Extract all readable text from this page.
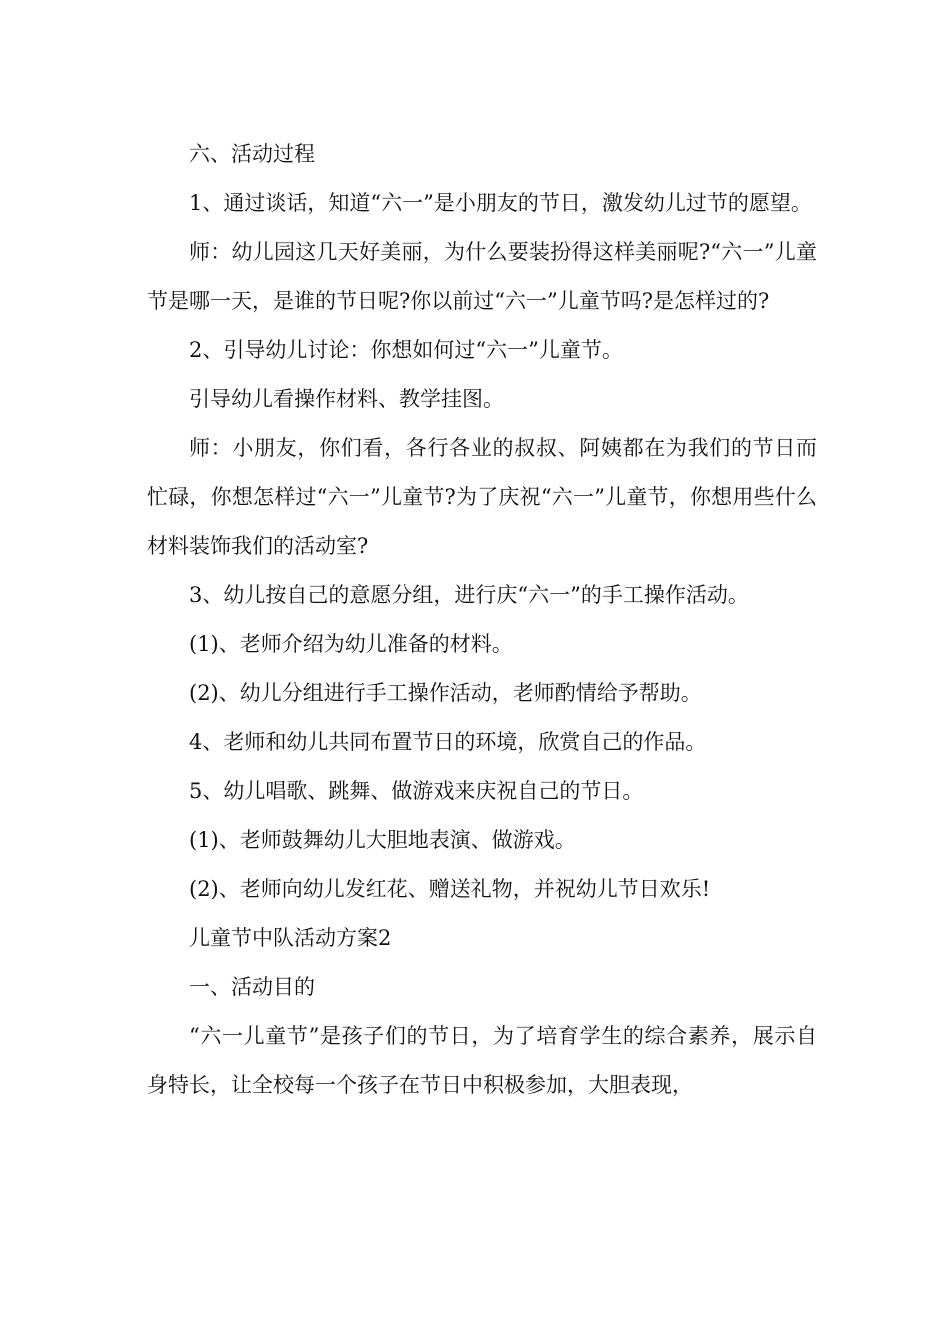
六、活动过程

1、通过谈话，知道“六一”是小朋友的节日，激发幼儿过节的愿望。

师：幼儿园这几天好美丽，为什么要装扮得这样美丽呢?“六一”儿童节是哪一天，是谁的节日呢?你以前过“六一”儿童节吗?是怎样过的?

2、引导幼儿讨论：你想如何过“六一”儿童节。

引导幼儿看操作材料、教学挂图。

师：小朋友，你们看，各行各业的叔叔、阿姨都在为我们的节日而忙碌，你想怎样过“六一”儿童节?为了庆祝“六一”儿童节，你想用些什么材料装饰我们的活动室?

3、幼儿按自己的意愿分组，进行庆“六一”的手工操作活动。

(1)、老师介绍为幼儿准备的材料。

(2)、幼儿分组进行手工操作活动，老师酌情给予帮助。

4、老师和幼儿共同布置节日的环境，欣赏自己的作品。

5、幼儿唱歌、跳舞、做游戏来庆祝自己的节日。

(1)、老师鼓舞幼儿大胆地表演、做游戏。

(2)、老师向幼儿发红花、赠送礼物，并祝幼儿节日欢乐!

儿童节中队活动方案2

一、活动目的

“六一儿童节”是孩子们的节日，为了培育学生的综合素养，展示自身特长，让全校每一个孩子在节日中积极参加，大胆表现，
